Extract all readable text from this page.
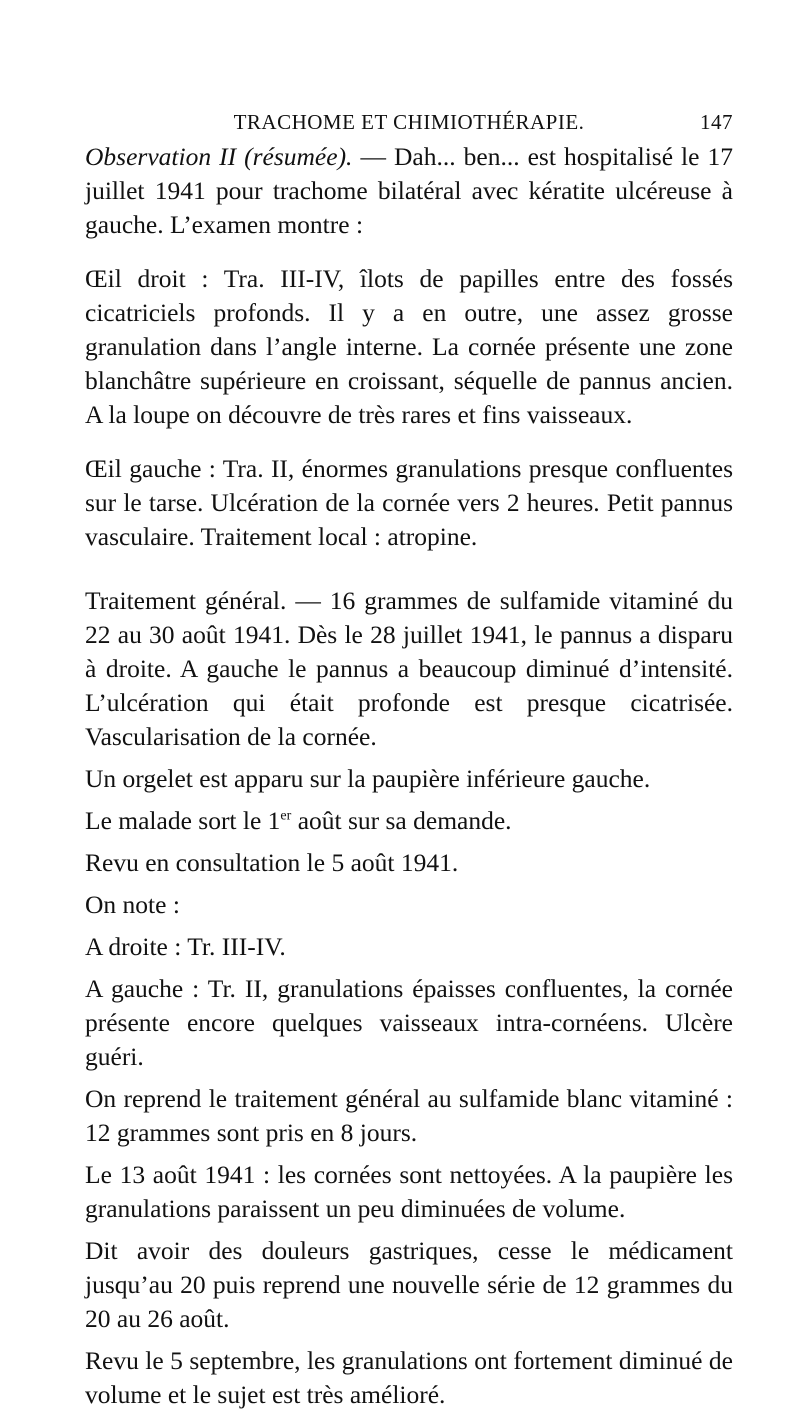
TRACHOME ET CHIMIOTHÉRAPIE.	147

Observation II (résumée). — Dah... ben... est hospitalisé le 17 juillet 1941 pour trachome bilatéral avec kératite ulcéreuse à gauche. L’examen montre :

Œil droit : Tra. III-IV, îlots de papilles entre des fossés cicatriciels profonds. Il y a en outre, une assez grosse granulation dans l’angle interne. La cornée présente une zone blanchâtre supérieure en croissant, séquelle de pannus ancien. A la loupe on découvre de très rares et fins vaisseaux.

Œil gauche : Tra. II, énormes granulations presque confluentes sur le tarse. Ulcération de la cornée vers 2 heures. Petit pannus vasculaire. Traitement local : atropine.

Traitement général. — 16 grammes de sulfamide vitaminé du 22 au 30 août 1941. Dès le 28 juillet 1941, le pannus a disparu à droite. A gauche le pannus a beaucoup diminué d’intensité. L’ulcération qui était profonde est presque cicatrisée. Vascularisation de la cornée.

Un orgelet est apparu sur la paupière inférieure gauche.

Le malade sort le 1er août sur sa demande.

Revu en consultation le 5 août 1941.

On note :

A droite : Tr. III-IV.

A gauche : Tr. II, granulations épaisses confluentes, la cornée présente encore quelques vaisseaux intra-cornéens. Ulcère guéri.

On reprend le traitement général au sulfamide blanc vitaminé : 12 grammes sont pris en 8 jours.

Le 13 août 1941 : les cornées sont nettoyées. A la paupière les granulations paraissent un peu diminuées de volume.

Dit avoir des douleurs gastriques, cesse le médicament jusqu’au 20 puis reprend une nouvelle série de 12 grammes du 20 au 26 août.

Revu le 5 septembre, les granulations ont fortement diminué de volume et le sujet est très amélioré.
